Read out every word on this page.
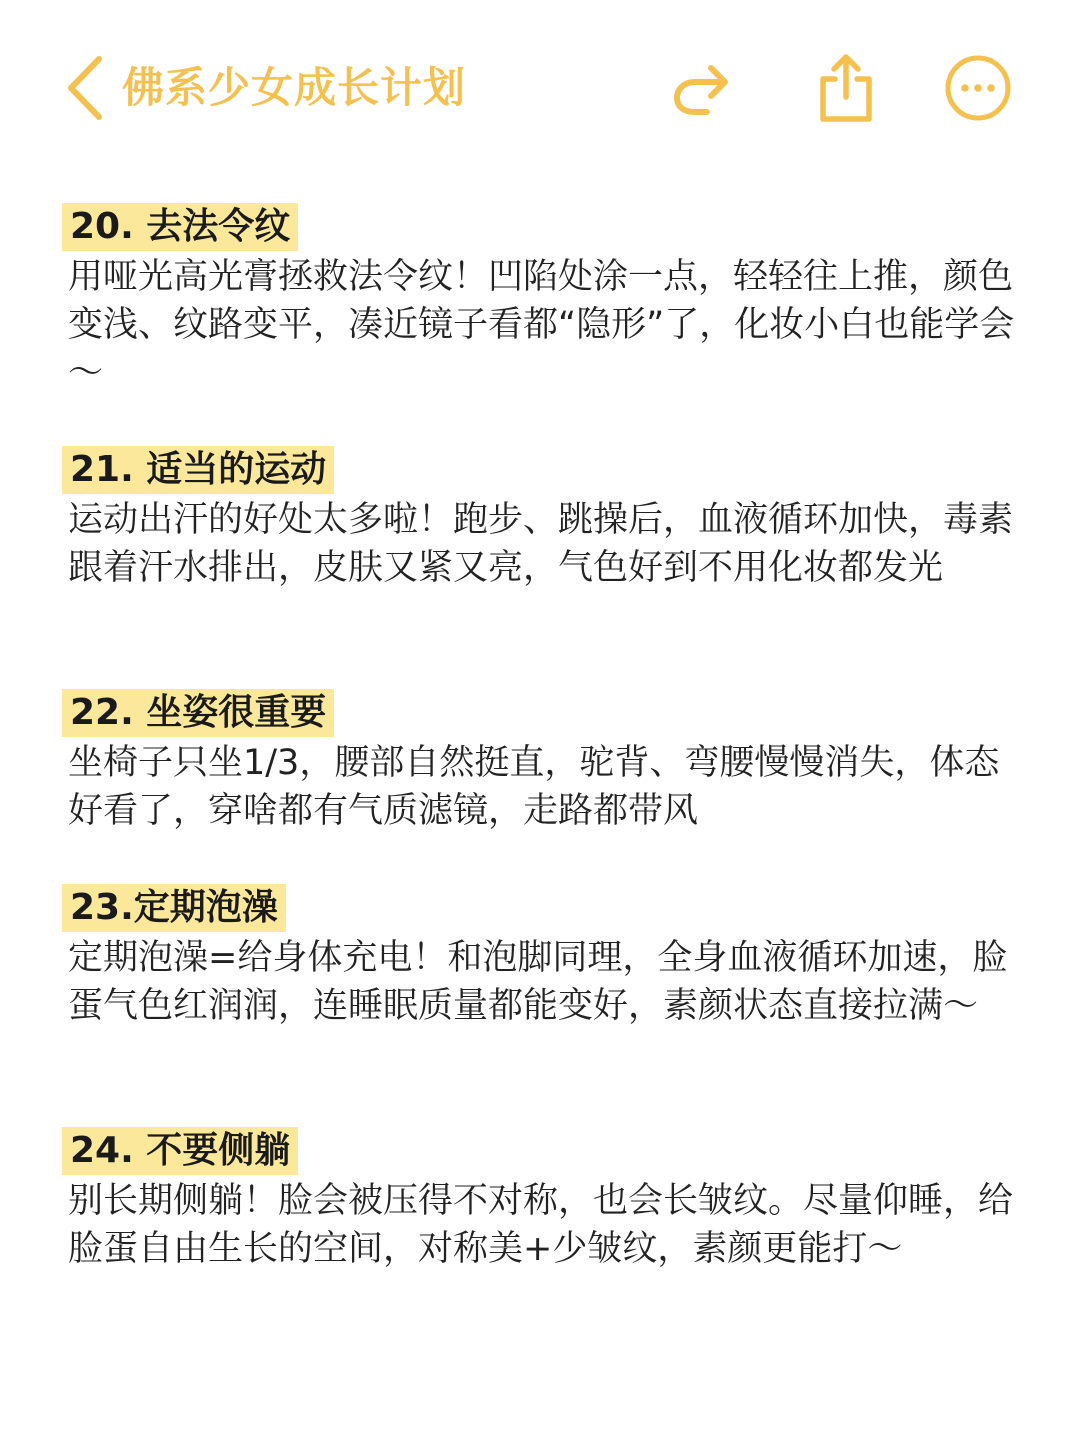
佛系少女成长计划
20. 去法令纹
用哑光高光膏拯救法令纹！凹陷处涂一点，轻轻往上推，颜色变浅、纹路变平，凑近镜子看都“隐形”了，化妆小白也能学会～
21. 适当的运动
运动出汗的好处太多啦！跑步、跳操后，血液循环加快，毒素跟着汗水排出，皮肤又紧又亮，气色好到不用化妆都发光
22. 坐姿很重要
坐椅子只坐1/3，腰部自然挺直，驼背、弯腰慢慢消失，体态好看了，穿啥都有气质滤镜，走路都带风
23.定期泡澡
定期泡澡=给身体充电！和泡脚同理，全身血液循环加速，脸蛋气色红润润，连睡眠质量都能变好，素颜状态直接拉满～
24. 不要侧躺
别长期侧躺！脸会被压得不对称，也会长皱纹。尽量仰睡，给脸蛋自由生长的空间，对称美+少皱纹，素颜更能打～
